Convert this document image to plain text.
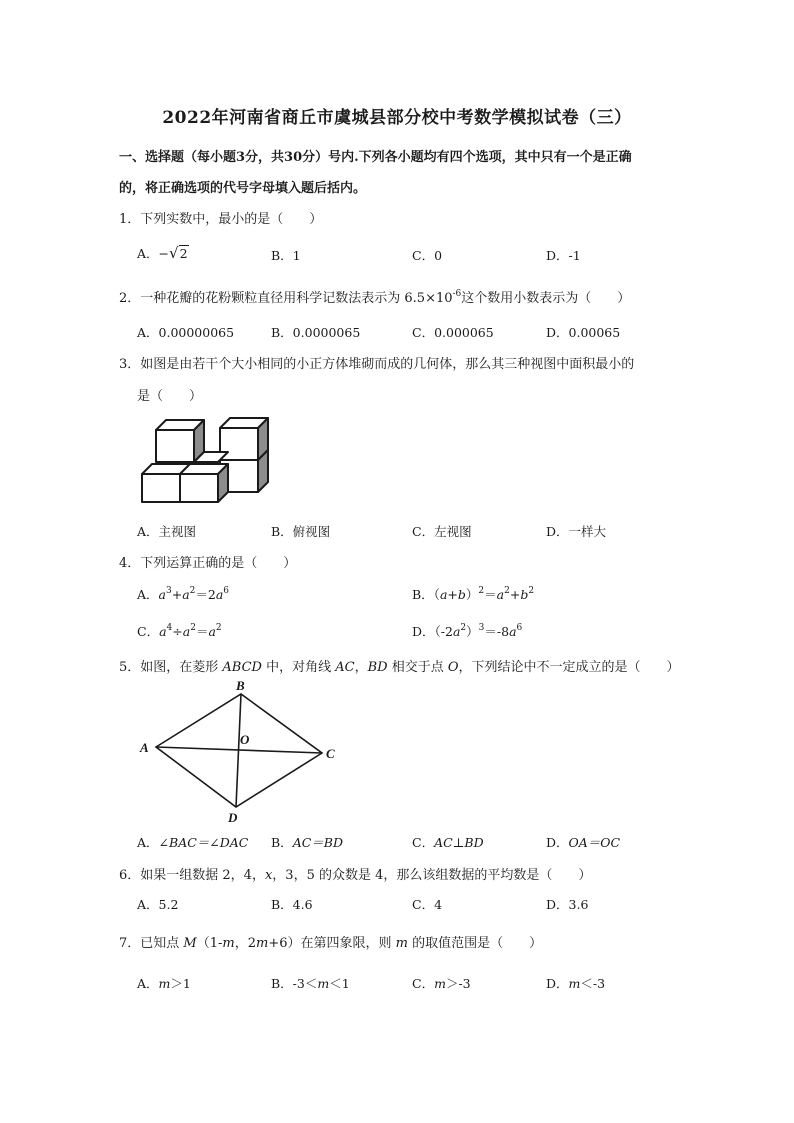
2022年河南省商丘市虞城县部分校中考数学模拟试卷（三）
一、选择题（每小题3分，共30分）号内.下列各小题均有四个选项，其中只有一个是正确
的，将正确选项的代号字母填入题后括内。
1．下列实数中，最小的是（　　）
A．−√2	B．1	C．0	D．-1
2．一种花瓣的花粉颗粒直径用科学记数法表示为 $6.5\times 10^{-6}$这个数用小数表示为（　　）
A．0.00000065	B．0.0000065	C．0.000065	D．0.00065
3．如图是由若干个大小相同的小正方体堆砌而成的几何体，那么其三种视图中面积最小的
是（　　）
A．主视图	B．俯视图	C．左视图	D．一样大
4．下列运算正确的是（　　）
A．$a^3+a^2=2a^6$	B．$(a+b)^2=a^2+b^2$
C．$a^4\div a^2=a^2$	D．$(-2a^2)^3=-8a^6$
5．如图，在菱形 ABCD 中，对角线 AC，BD 相交于点 O，下列结论中不一定成立的是（　　）
A
B
C
D
O
A．∠BAC＝∠DAC B．AC＝BD	C．AC⊥BD	D．OA＝OC
6．如果一组数据 2，4，x，3，5 的众数是 4，那么该组数据的平均数是（　　）
A．5.2	B．4.6	C．4	D．3.6
7．已知点 M（1-m，2m+6）在第四象限，则 m 的取值范围是（　　）
A．m＞1	B．-3＜m＜1	C．m＞-3	D．m＜-3
